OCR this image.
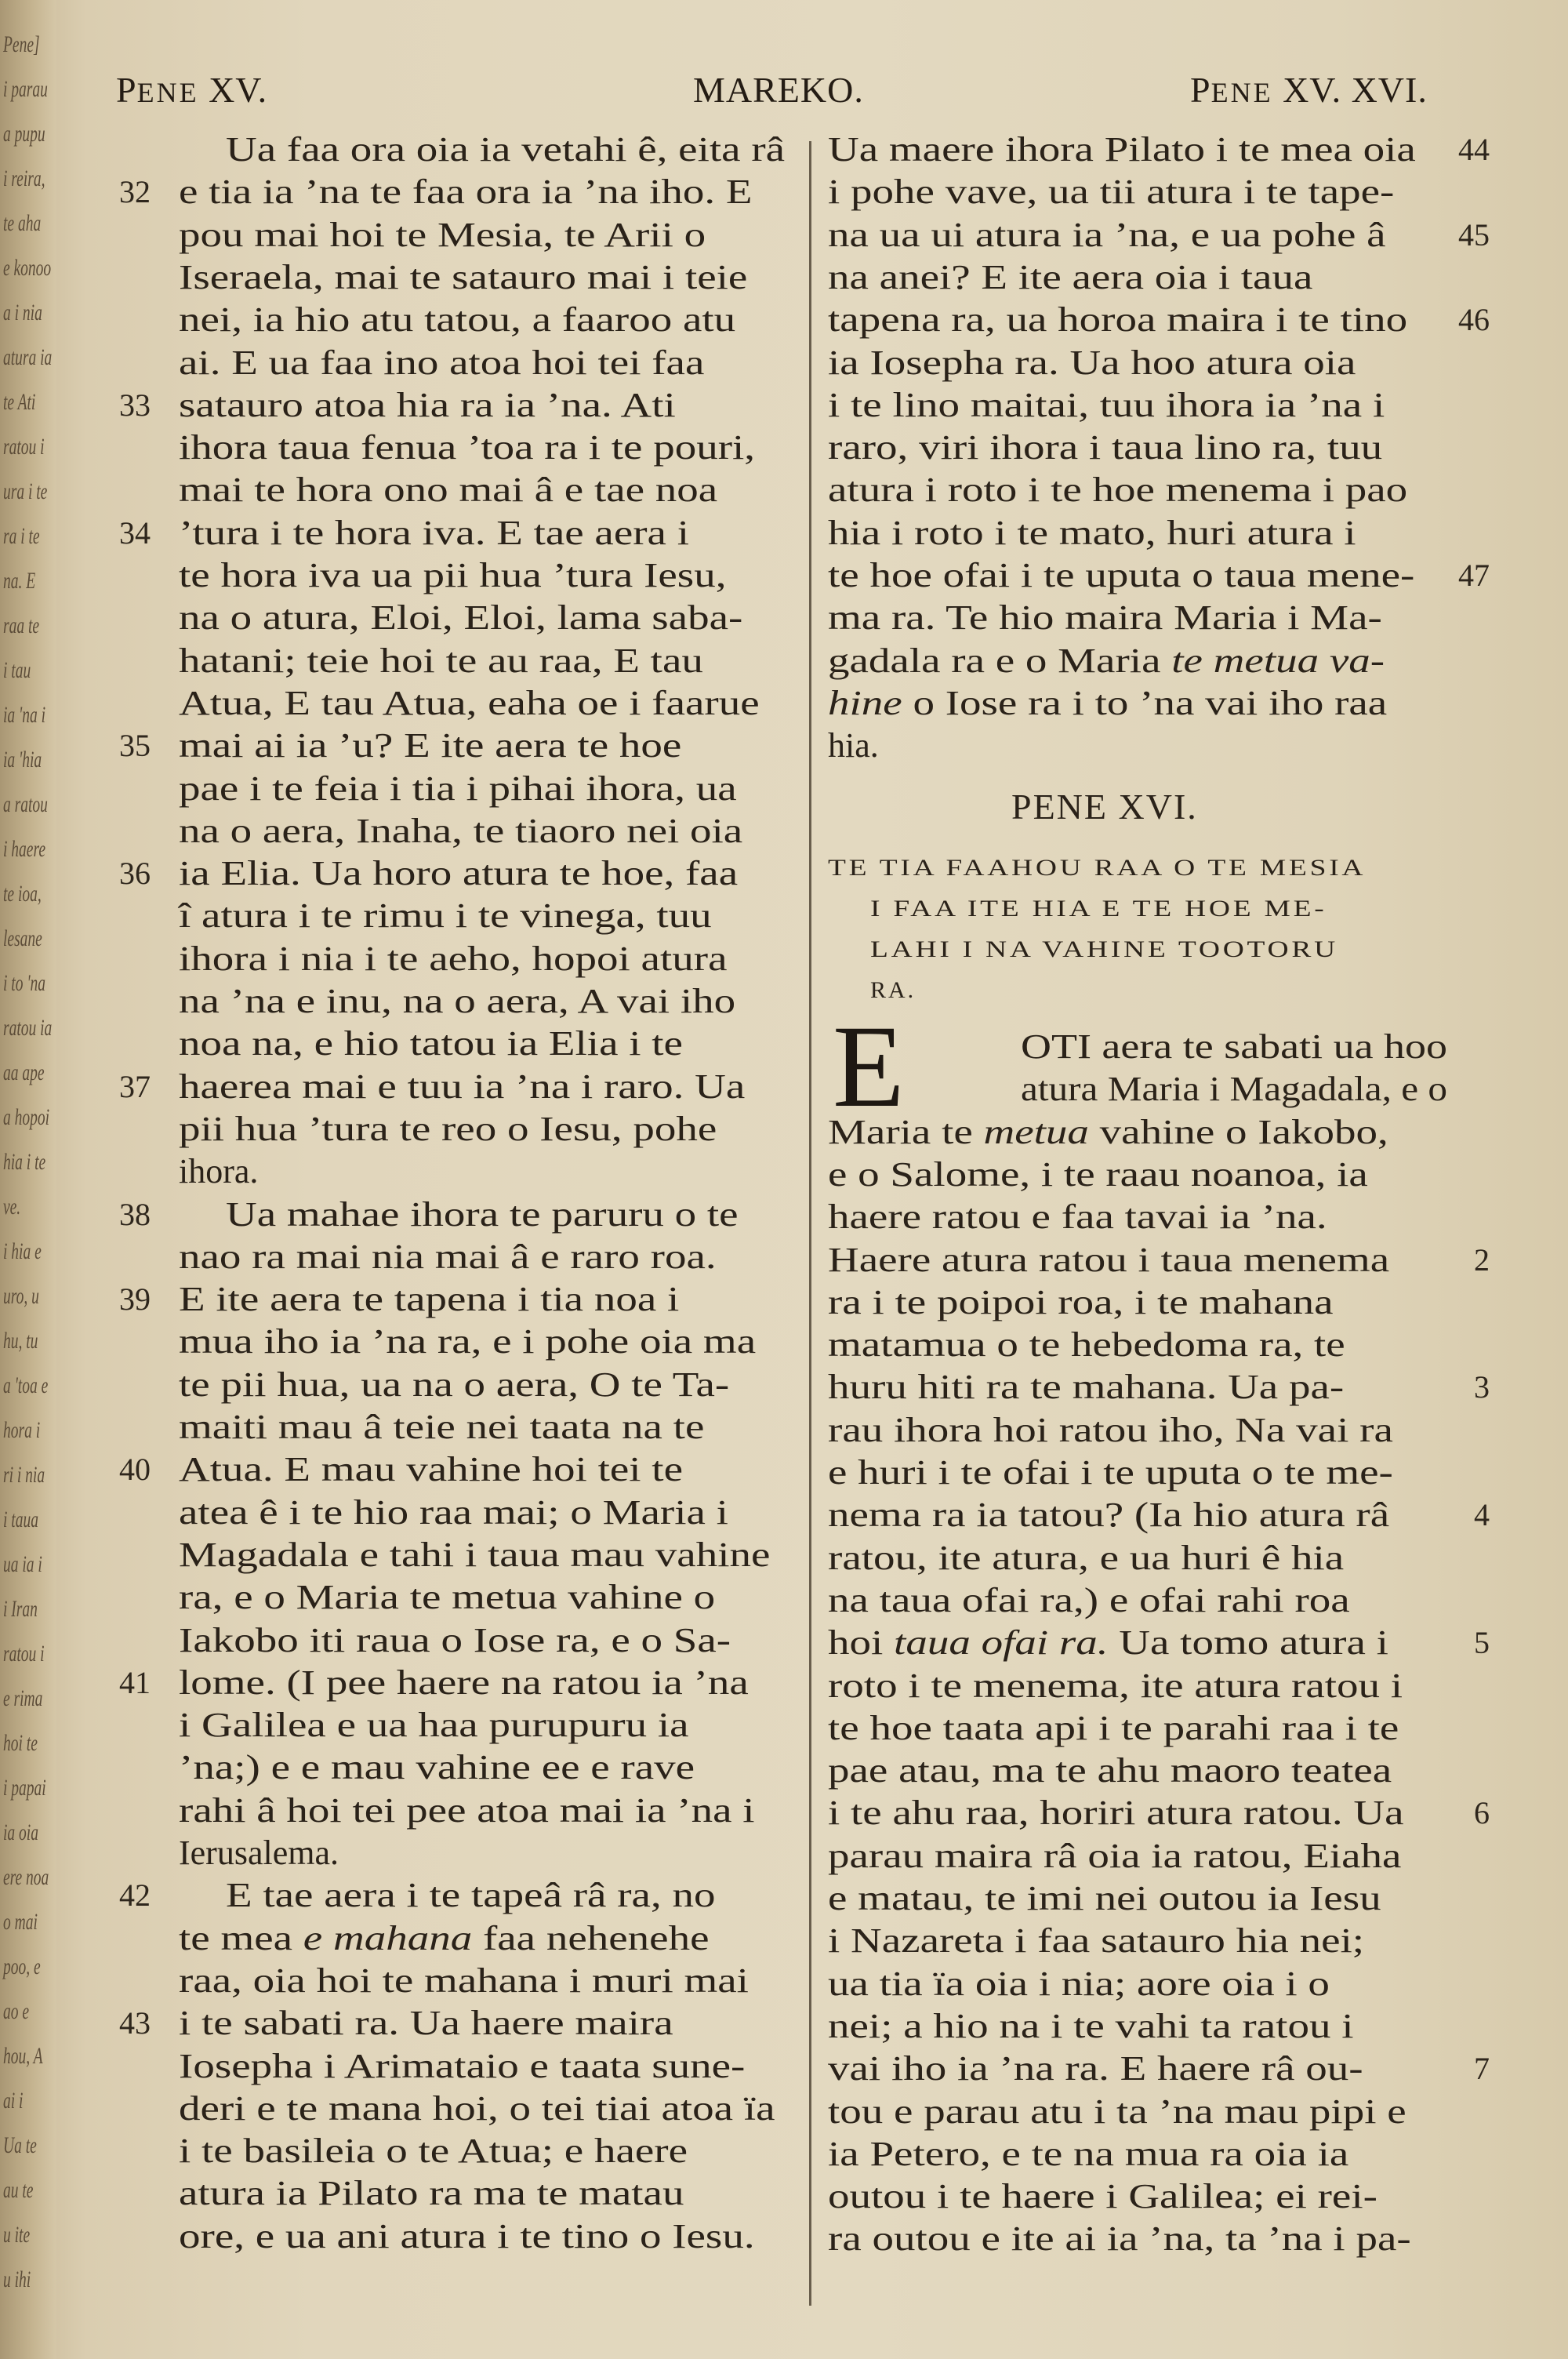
Pene]
i parau
a pupu
i reira,
te aha
e konoo
a i nia
atura ia
te Ati
ratou i
ura i te
ra i te
na. E
raa te
i tau
ia 'na i
ia 'hia
a ratou
i haere
te ioa,
lesane
i to 'na
ratou ia
aa ape
a hopoi
hia i te
ve.
i hia e
uro, u
hu, tu
a 'toa e
hora i
ri i nia
i taua
ua ia i
i Iran
ratou i
e rima
hoi te
i papai
ia oia
ere noa
o mai
poo, e
ao e
hou, A
ai i
Ua te
au te
u ite
u ihi
PENE XV.	MAREKO.	PENE XV. XVI.
Ua faa ora oia ia vetahi ê, eita râ
e tia ia ’na te faa ora ia ’na iho. E
32
pou mai hoi te Mesia, te Arii o
Iseraela, mai te satauro mai i teie
nei, ia hio atu tatou, a faaroo atu
ai. E ua faa ino atoa hoi tei faa
satauro atoa hia ra ia ’na. Ati
33
ihora taua fenua ’toa ra i te pouri,
mai te hora ono mai â e tae noa
’tura i te hora iva. E tae aera i
34
te hora iva ua pii hua ’tura Iesu,
na o atura, Eloi, Eloi, lama saba-
hatani; teie hoi te au raa, E tau
Atua, E tau Atua, eaha oe i faarue
mai ai ia ’u? E ite aera te hoe
35
pae i te feia i tia i pihai ihora, ua
na o aera, Inaha, te tiaoro nei oia
ia Elia. Ua horo atura te hoe, faa
36
î atura i te rimu i te vinega, tuu
ihora i nia i te aeho, hopoi atura
na ’na e inu, na o aera, A vai iho
noa na, e hio tatou ia Elia i te
haerea mai e tuu ia ’na i raro. Ua
37
pii hua ’tura te reo o Iesu, pohe
ihora.
Ua mahae ihora te paruru o te
38
nao ra mai nia mai â e raro roa.
E ite aera te tapena i tia noa i
39
mua iho ia ’na ra, e i pohe oia ma
te pii hua, ua na o aera, O te Ta-
maiti mau â teie nei taata na te
Atua. E mau vahine hoi tei te
40
atea ê i te hio raa mai; o Maria i
Magadala e tahi i taua mau vahine
ra, e o Maria te metua vahine o
Iakobo iti raua o Iose ra, e o Sa-
lome. (I pee haere na ratou ia ’na
41
i Galilea e ua haa purupuru ia
’na;) e e mau vahine ee e rave
rahi â hoi tei pee atoa mai ia ’na i
Ierusalema.
E tae aera i te tapeâ râ ra, no
42
te mea e mahana faa nehenehe
raa, oia hoi te mahana i muri mai
i te sabati ra. Ua haere maira
43
Iosepha i Arimataio e taata sune-
deri e te mana hoi, o tei tiai atoa ïa
i te basileia o te Atua; e haere
atura ia Pilato ra ma te matau
ore, e ua ani atura i te tino o Iesu.
Ua maere ihora Pilato i te mea oia 44
i pohe vave, ua tii atura i te tape-
na ua ui atura ia ’na, e ua pohe â 45
na anei? E ite aera oia i taua
tapena ra, ua horoa maira i te tino 46
ia Iosepha ra. Ua hoo atura oia
i te lino maitai, tuu ihora ia ’na i
raro, viri ihora i taua lino ra, tuu
atura i roto i te hoe menema i pao
hia i roto i te mato, huri atura i
te hoe ofai i te uputa o taua mene- 47
ma ra. Te hio maira Maria i Ma-
gadala ra e o Maria te metua va-
hine o Iose ra i to ’na vai iho raa
hia.
PENE XVI.
TE TIA FAAHOU RAA O TE MESIA
I FAA ITE HIA E TE HOE ME-
LAHI I NA VAHINE TOOTORU
RA.
E	OTI aera te sabati ua hoo
atura Maria i Magadala, e o
Maria te metua vahine o Iakobo,
e o Salome, i te raau noanoa, ia
haere ratou e faa tavai ia ’na.
Haere atura ratou i taua menema	2
ra i te poipoi roa, i te mahana
matamua o te hebedoma ra, te
huru hiti ra te mahana. Ua pa-	3
rau ihora hoi ratou iho, Na vai ra
e huri i te ofai i te uputa o te me-
nema ra ia tatou? (Ia hio atura râ	4
ratou, ite atura, e ua huri ê hia
na taua ofai ra,) e ofai rahi roa
hoi taua ofai ra. Ua tomo atura i	5
roto i te menema, ite atura ratou i
te hoe taata api i te parahi raa i te
pae atau, ma te ahu maoro teatea
i te ahu raa, horiri atura ratou. Ua 6
parau maira râ oia ia ratou, Eiaha
e matau, te imi nei outou ia Iesu
i Nazareta i faa satauro hia nei;
ua tia ïa oia i nia; aore oia i o
nei; a hio na i te vahi ta ratou i
vai iho ia ’na ra. E haere râ ou-	7
tou e parau atu i ta ’na mau pipi e
ia Petero, e te na mua ra oia ia
outou i te haere i Galilea; ei rei-
ra outou e ite ai ia ’na, ta ’na i pa-
